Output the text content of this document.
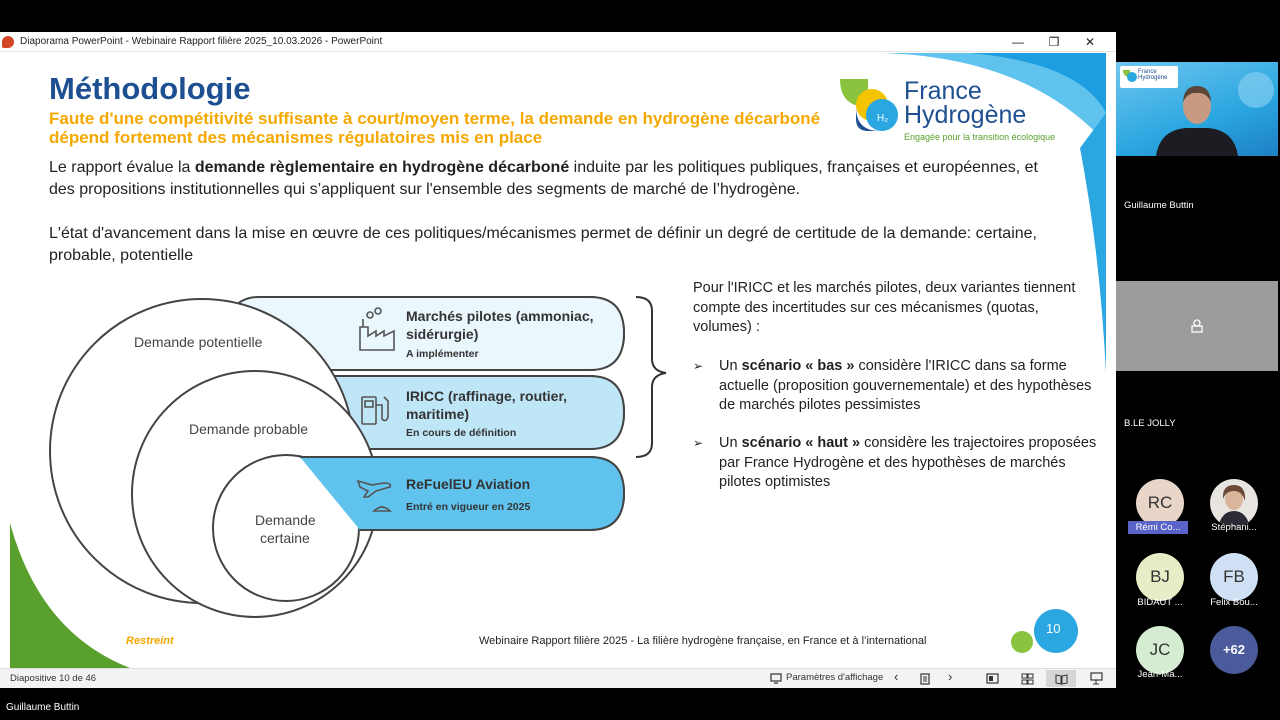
Diaporama PowerPoint - Webinaire Rapport filière 2025_10.03.2026 - PowerPoint	—	❐	✕
Méthodologie
Faute d'une compétitivité suffisante à court/moyen terme, la demande en hydrogène décarboné dépend fortement des mécanismes régulatoires mis en place
Le rapport évalue la demande règlementaire en hydrogène décarboné induite par les politiques publiques, françaises et européennes, et des propositions institutionnelles qui s’appliquent sur l'ensemble des segments de marché de l’hydrogène.
L'état d'avancement dans la mise en œuvre de ces politiques/mécanismes permet de définir un degré de certitude de la demande: certaine, probable, potentielle
H₂
France
Hydrogène
Engagée pour la transition écologique
Demande potentielle
Demande probable
Demande
certaine
Marchés pilotes (ammoniac,
sidérurgie)
A implémenter
IRICC (raffinage, routier,
maritime)
En cours de définition
ReFuelEU Aviation
Entré en vigueur en 2025
Pour l'IRICC et les marchés pilotes, deux variantes tiennent compte des incertitudes sur ces mécanismes (quotas, volumes) :
➢ Un scénario « bas » considère l'IRICC dans sa forme actuelle (proposition gouvernementale) et des hypothèses de marchés pilotes pessimistes
➢ Un scénario « haut » considère les trajectoires proposées par France Hydrogène et des hypothèses de marchés pilotes optimistes
Restreint	Webinaire Rapport filière 2025 - La filière hydrogène française, en France et à l’international
10
Diapositive 10 de 46	Paramètres d'affichage ‹	›
France
Hydrogène
Guillaume Buttin
B.LE JOLLY
RC
Rémi Co...	Stéphani...
BJ
BIDAUT ...
FB
Felix Bou...
JC
Jean-Ma...
+62
Guillaume Buttin
